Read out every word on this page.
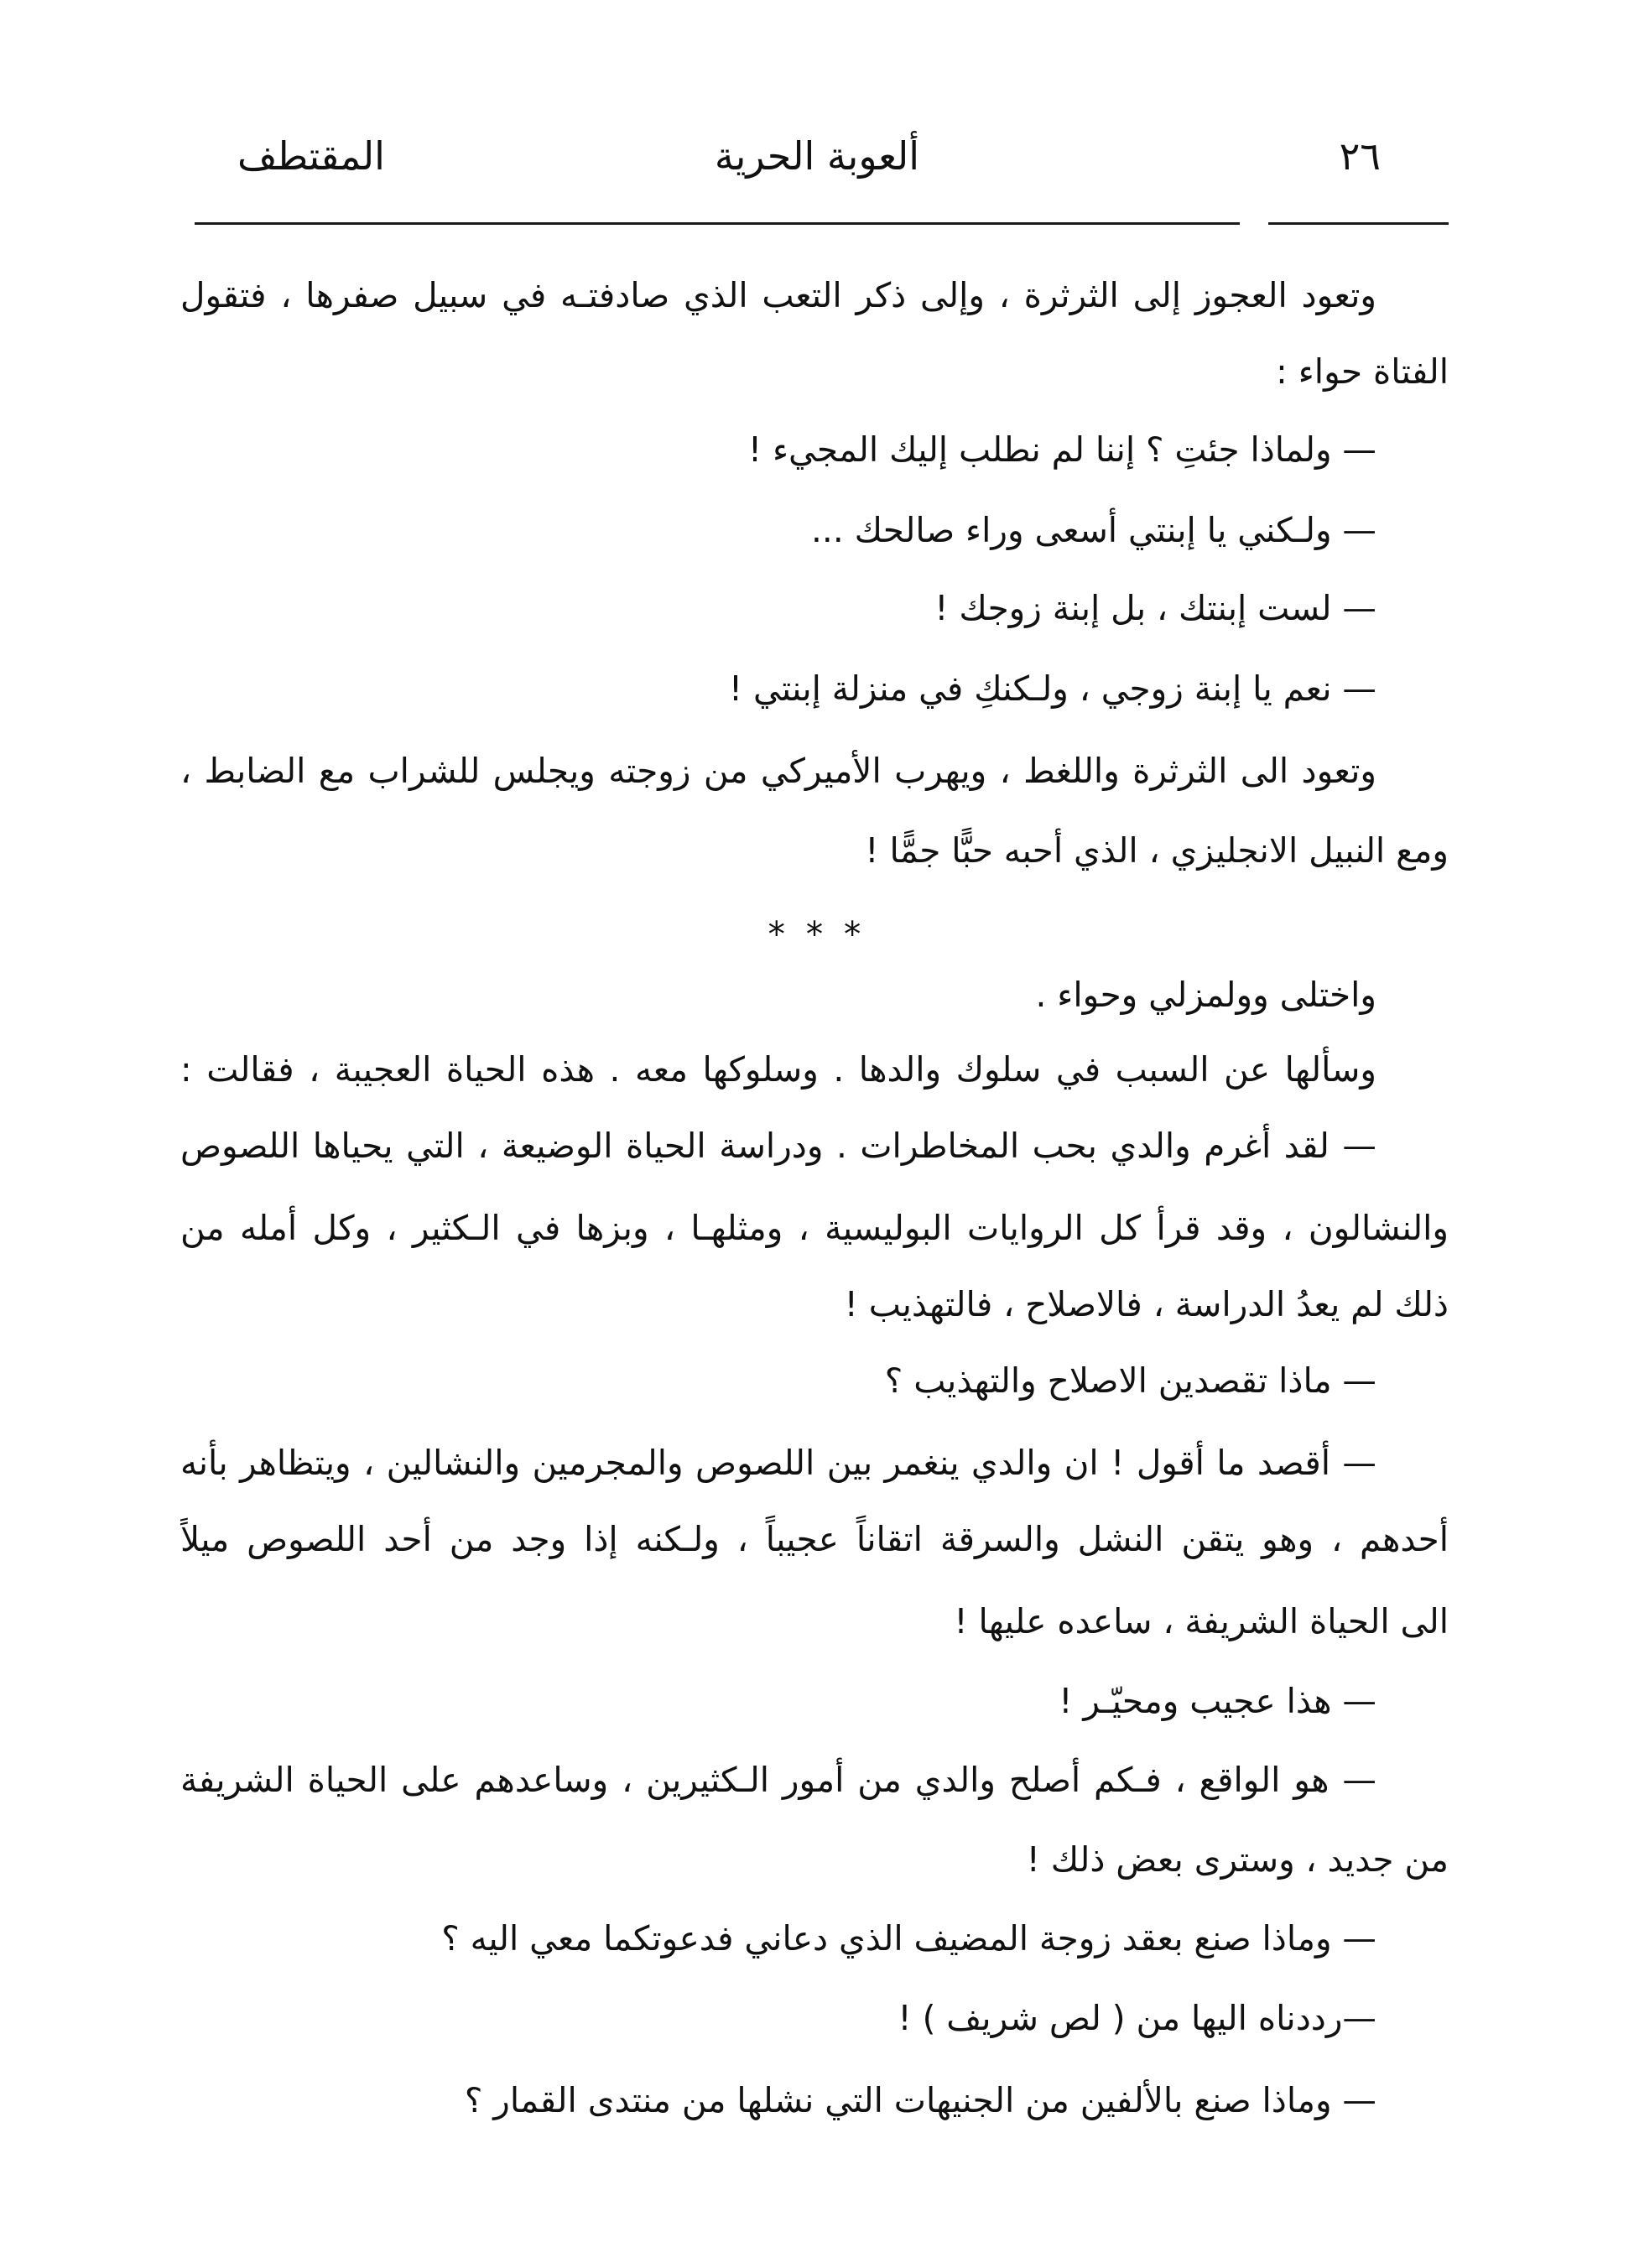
٢٦
ألعوبة الحرية
المقتطف
وتعود العجوز إلى الثرثرة ، وإلى ذكر التعب الذي صادفتـه في سبيل صفرها ، فتقول
الفتاة حواء :
— ولماذا جئتِ ؟ إننا لم نطلب إليك المجيء !
— ولـكني يا إبنتي أسعى وراء صالحك ...
— لست إبنتك ، بل إبنة زوجك !
— نعم يا إبنة زوجي ، ولـكنكِ في منزلة إبنتي !
وتعود الى الثرثرة واللغط ، ويهرب الأميركي من زوجته ويجلس للشراب مع الضابط ،
ومع النبيل الانجليزي ، الذي أحبه حبًّا جمًّا !
* * *
واختلى وولمزلي وحواء .
وسألها عن السبب في سلوك والدها . وسلوكها معه . هذه الحياة العجيبة ، فقالت :
— لقد أغرم والدي بحب المخاطرات . ودراسة الحياة الوضيعة ، التي يحياها اللصوص
والنشالون ، وقد قرأ كل الروايات البوليسية ، ومثلهـا ، وبزها في الـكثير ، وكل أمله من
ذلك لم يعدُ الدراسة ، فالاصلاح ، فالتهذيب !
— ماذا تقصدين الاصلاح والتهذيب ؟
— أقصد ما أقول ! ان والدي ينغمر بين اللصوص والمجرمين والنشالين ، ويتظاهر بأنه
أحدهم ، وهو يتقن النشل والسرقة اتقاناً عجيباً ، ولـكنه إذا وجد من أحد اللصوص ميلاً
الى الحياة الشريفة ، ساعده عليها !
— هذا عجيب ومحيّـر !
— هو الواقع ، فـكم أصلح والدي من أمور الـكثيرين ، وساعدهم على الحياة الشريفة
من جديد ، وسترى بعض ذلك !
— وماذا صنع بعقد زوجة المضيف الذي دعاني فدعوتكما معي اليه ؟
—رددناه اليها من ( لص شريف ) !
— وماذا صنع بالألفين من الجنيهات التي نشلها من منتدى القمار ؟
